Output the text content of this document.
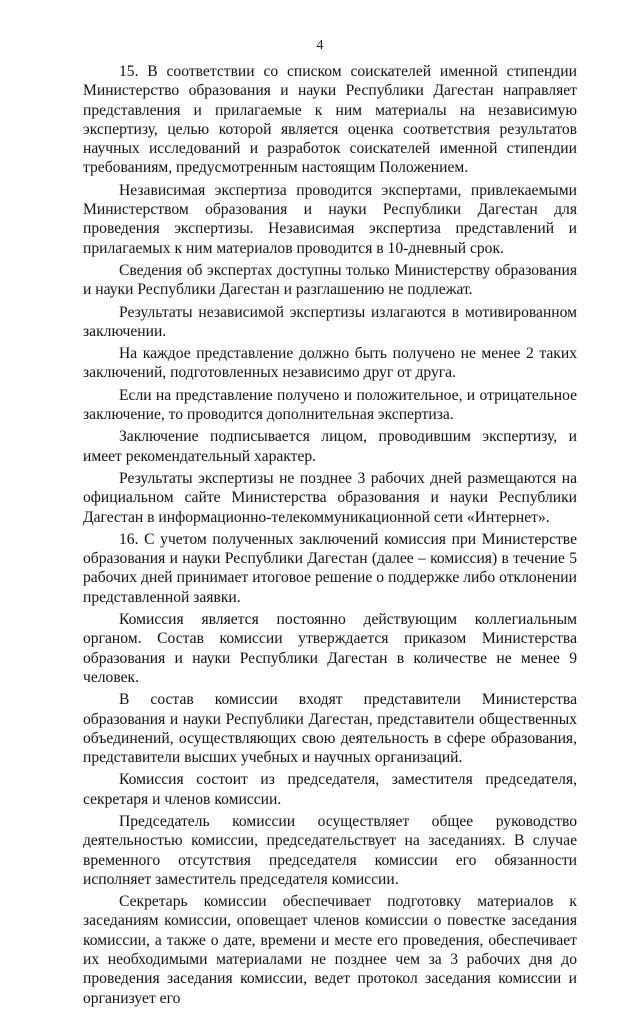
4

15. В соответствии со списком соискателей именной стипендии Министерство образования и науки Республики Дагестан направляет представления и прилагаемые к ним материалы на независимую экспертизу, целью которой является оценка соответствия результатов научных исследований и разработок соискателей именной стипендии требованиям, предусмотренным настоящим Положением.

Независимая экспертиза проводится экспертами, привлекаемыми Министерством образования и науки Республики Дагестан для проведения экспертизы. Независимая экспертиза представлений и прилагаемых к ним материалов проводится в 10-дневный срок.

Сведения об экспертах доступны только Министерству образования и науки Республики Дагестан и разглашению не подлежат.

Результаты независимой экспертизы излагаются в мотивированном заключении.

На каждое представление должно быть получено не менее 2 таких заключений, подготовленных независимо друг от друга.

Если на представление получено и положительное, и отрицательное заключение, то проводится дополнительная экспертиза.

Заключение подписывается лицом, проводившим экспертизу, и имеет рекомендательный характер.

Результаты экспертизы не позднее 3 рабочих дней размещаются на официальном сайте Министерства образования и науки Республики Дагестан в информационно-телекоммуникационной сети «Интернет».

16. С учетом полученных заключений комиссия при Министерстве образования и науки Республики Дагестан (далее – комиссия) в течение 5 рабочих дней принимает итоговое решение о поддержке либо отклонении представленной заявки.

Комиссия является постоянно действующим коллегиальным органом. Состав комиссии утверждается приказом Министерства образования и науки Республики Дагестан в количестве не менее 9 человек.

В состав комиссии входят представители Министерства образования и науки Республики Дагестан, представители общественных объединений, осуществляющих свою деятельность в сфере образования, представители высших учебных и научных организаций.

Комиссия состоит из председателя, заместителя председателя, секретаря и членов комиссии.

Председатель комиссии осуществляет общее руководство деятельностью комиссии, председательствует на заседаниях. В случае временного отсутствия председателя комиссии его обязанности исполняет заместитель председателя комиссии.

Секретарь комиссии обеспечивает подготовку материалов к заседаниям комиссии, оповещает членов комиссии о повестке заседания комиссии, а также о дате, времени и месте его проведения, обеспечивает их необходимыми материалами не позднее чем за 3 рабочих дня до проведения заседания комиссии, ведет протокол заседания комиссии и организует его
